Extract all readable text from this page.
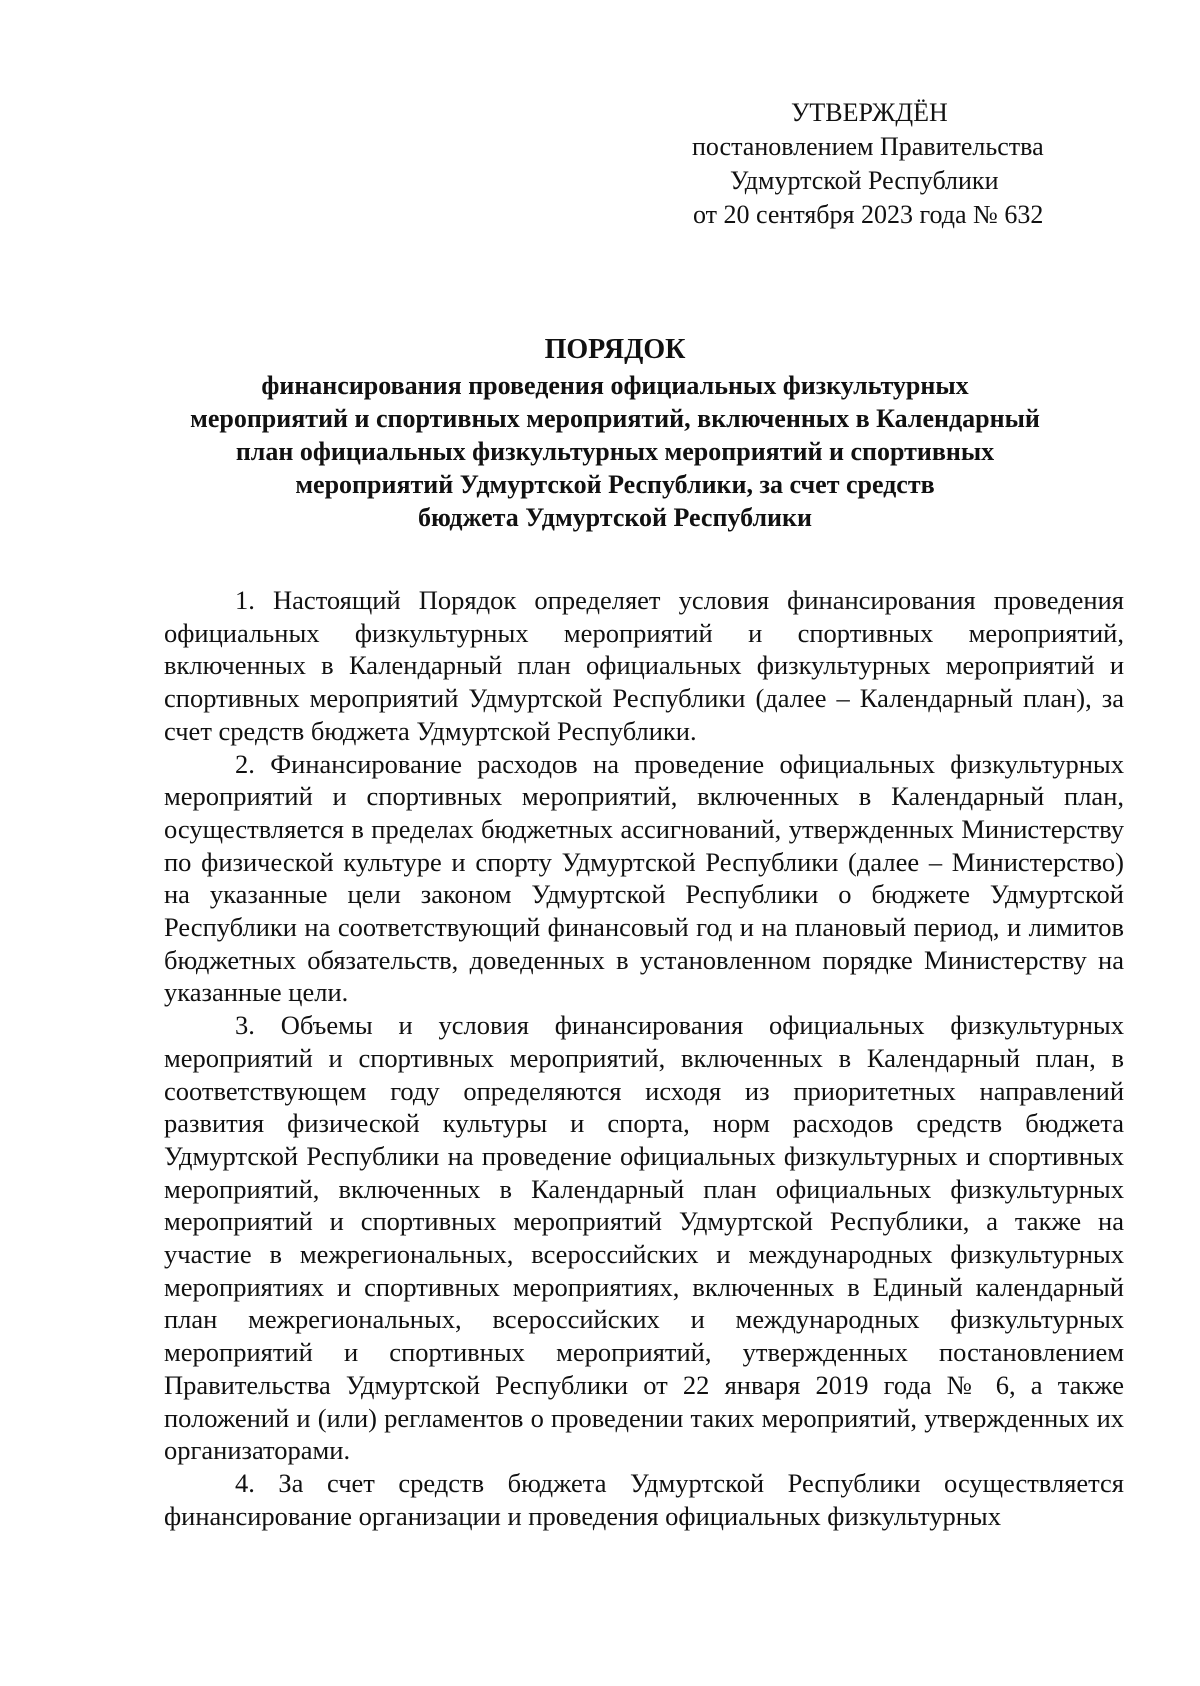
УТВЕРЖДЁН
постановлением Правительства
Удмуртской Республики
от 20 сентября 2023 года № 632
ПОРЯДОК
финансирования проведения официальных физкультурных
мероприятий и спортивных мероприятий, включенных в Календарный
план официальных физкультурных мероприятий и спортивных
мероприятий Удмуртской Республики, за счет средств
бюджета Удмуртской Республики

1. Настоящий Порядок определяет условия финансирования проведения официальных физкультурных мероприятий и спортивных мероприятий, включенных в Календарный план официальных физкультурных мероприятий и спортивных мероприятий Удмуртской Республики (далее – Календарный план), за счет средств бюджета Удмуртской Республики.

2. Финансирование расходов на проведение официальных физкультурных мероприятий и спортивных мероприятий, включенных в Календарный план, осуществляется в пределах бюджетных ассигнований, утвержденных Министерству по физической культуре и спорту Удмуртской Республики (далее – Министерство) на указанные цели законом Удмуртской Республики о бюджете Удмуртской Республики на соответствующий финансовый год и на плановый период, и лимитов бюджетных обязательств, доведенных в установленном порядке Министерству на указанные цели.

3. Объемы и условия финансирования официальных физкультурных мероприятий и спортивных мероприятий, включенных в Календарный план, в соответствующем году определяются исходя из приоритетных направлений развития физической культуры и спорта, норм расходов средств бюджета Удмуртской Республики на проведение официальных физкультурных и спортивных мероприятий, включенных в Календарный план официальных физкультурных мероприятий и спортивных мероприятий Удмуртской Республики, а также на участие в межрегиональных, всероссийских и международных физкультурных мероприятиях и спортивных мероприятиях, включенных в Единый календарный план межрегиональных, всероссийских и международных физкультурных мероприятий и спортивных мероприятий, утвержденных постановлением Правительства Удмуртской Республики от 22 января 2019 года № 6, а также положений и (или) регламентов о проведении таких мероприятий, утвержденных их организаторами.

4. За счет средств бюджета Удмуртской Республики осуществляется финансирование организации и проведения официальных физкультурных
